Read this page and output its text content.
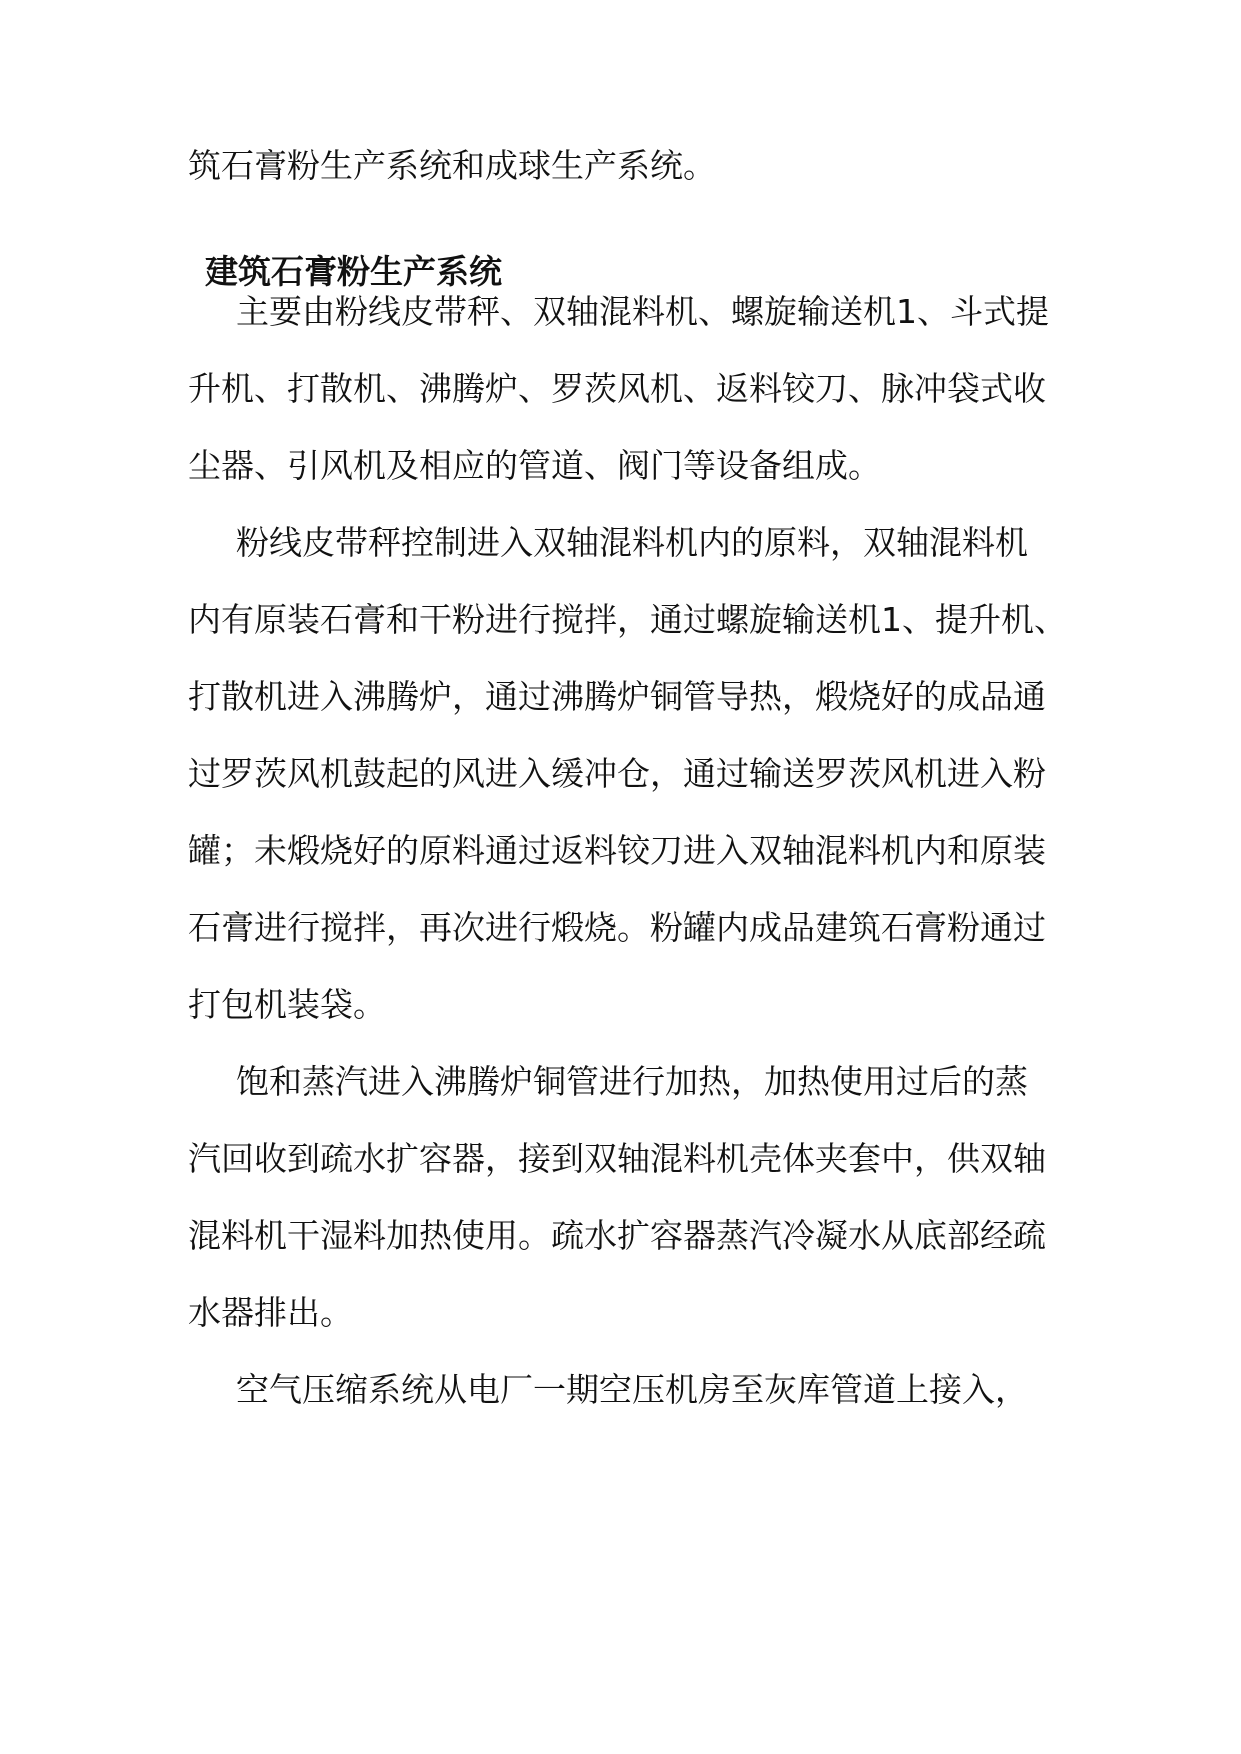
筑石膏粉生产系统和成球生产系统。
建筑石膏粉生产系统
主要由粉线皮带秤、双轴混料机、螺旋输送机1、斗式提
升机、打散机、沸腾炉、罗茨风机、返料铰刀、脉冲袋式收
尘器、引风机及相应的管道、阀门等设备组成。
粉线皮带秤控制进入双轴混料机内的原料，双轴混料机
内有原装石膏和干粉进行搅拌，通过螺旋输送机1、提升机、
打散机进入沸腾炉，通过沸腾炉铜管导热，煅烧好的成品通
过罗茨风机鼓起的风进入缓冲仓，通过输送罗茨风机进入粉
罐；未煅烧好的原料通过返料铰刀进入双轴混料机内和原装
石膏进行搅拌，再次进行煅烧。粉罐内成品建筑石膏粉通过
打包机装袋。
饱和蒸汽进入沸腾炉铜管进行加热，加热使用过后的蒸
汽回收到疏水扩容器，接到双轴混料机壳体夹套中，供双轴
混料机干湿料加热使用。疏水扩容器蒸汽冷凝水从底部经疏
水器排出。
空气压缩系统从电厂一期空压机房至灰库管道上接入，
